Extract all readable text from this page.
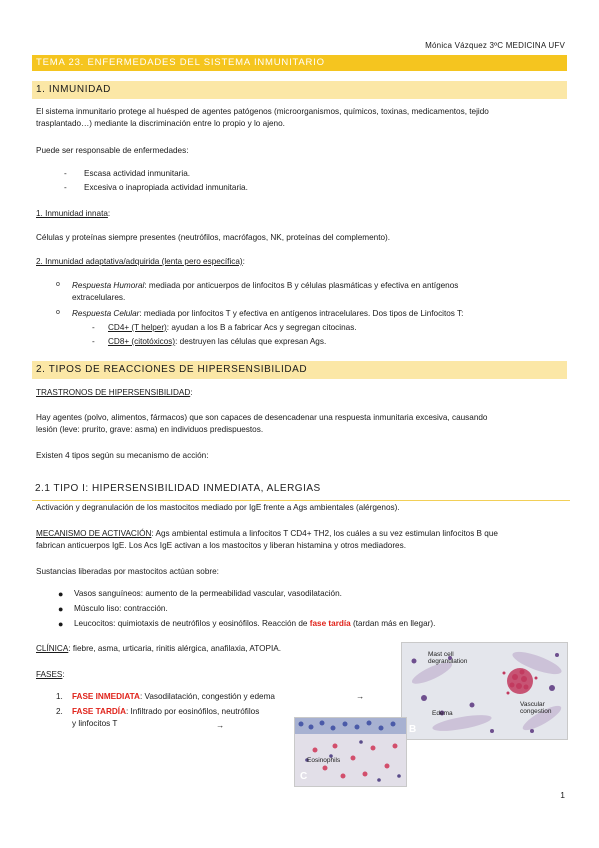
Mónica Vázquez 3ºC MEDICINA UFV
TEMA 23. ENFERMEDADES DEL SISTEMA INMUNITARIO
1. INMUNIDAD
El sistema inmunitario protege al huésped de agentes patógenos (microorganismos, químicos, toxinas, medicamentos, tejido
trasplantado…) mediante la discriminación entre lo propio y lo ajeno.
Puede ser responsable de enfermedades:
- Escasa actividad inmunitaria.
- Excesiva o inapropiada actividad inmunitaria.
1. Inmunidad innata:
Células y proteínas siempre presentes (neutrófilos, macrófagos, NK, proteínas del complemento).
2. Inmunidad adaptativa/adquirida (lenta pero específica):
o Respuesta Humoral: mediada por anticuerpos de linfocitos B y células plasmáticas y efectiva en antígenos
extracelulares.
o	Respuesta Celular: mediada por linfocitos T y efectiva en antígenos intracelulares. Dos tipos de Linfocitos T:
- CD4+ (T helper): ayudan a los B a fabricar Acs y segregan citocinas.
- CD8+ (citotóxicos): destruyen las células que expresan Ags.
2. TIPOS DE REACCIONES DE HIPERSENSIBILIDAD
TRASTRONOS DE HIPERSENSIBILIDAD:
Hay agentes (polvo, alimentos, fármacos) que son capaces de desencadenar una respuesta inmunitaria excesiva, causando
lesión (leve: prurito, grave: asma) en individuos predispuestos.
Existen 4 tipos según su mecanismo de acción:
2.1 TIPO I: HIPERSENSIBILIDAD INMEDIATA, ALERGIAS
Activación y degranulación de los mastocitos mediado por IgE frente a Ags ambientales (alérgenos).
MECANISMO DE ACTIVACIÓN: Ags ambiental estimula a linfocitos T CD4+ TH2, los cuáles a su vez estimulan linfocitos B que
fabrican anticuerpos IgE. Los Acs IgE activan a los mastocitos y liberan histamina y otros mediadores.
Sustancias liberadas por mastocitos actúan sobre:
● Vasos sanguíneos: aumento de la permeabilidad vascular, vasodilatación.
● Músculo liso: contracción.
● Leucocitos: quimiotaxis de neutrófilos y eosinófilos. Reacción de fase tardía (tardan más en llegar).
CLÍNICA: fiebre, asma, urticaria, rinitis alérgica, anafilaxia, ATOPIA.
FASES:
1. FASE INMEDIATA: Vasodilatación, congestión y edema	→
2. FASE TARDÍA: Infiltrado por eosinófilos, neutrófilos
y linfocitos T	→
Mast cell
degranulation
Edema
Vascular
congestion
B
Eosinophils
C
1
